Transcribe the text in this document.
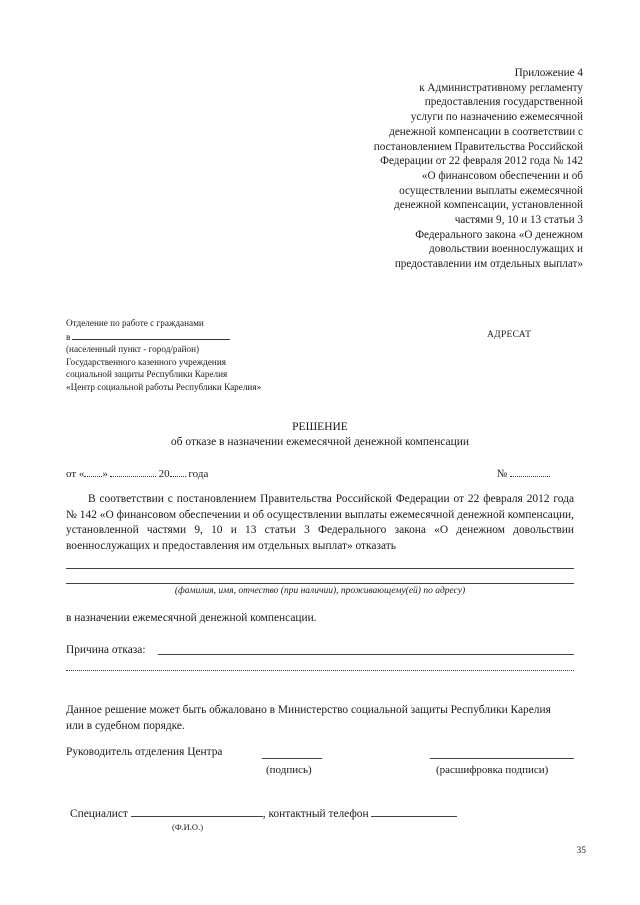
Приложение 4
к Административному регламенту
предоставления государственной
услуги по назначению ежемесячной
денежной компенсации в соответствии с
постановлением Правительства Российской
Федерации от 22 февраля 2012 года № 142
«О финансовом обеспечении и об
осуществлении выплаты ежемесячной
денежной компенсации, установленной
частями 9, 10 и 13 статьи 3
Федерального закона «О денежном
довольствии военнослужащих и
предоставлении им отдельных выплат»
Отделение по работе с гражданами
в
(населенный пункт - город/район)
Государственного казенного учреждения
социальной защиты Республики Карелия
«Центр социальной работы Республики Карелия»
АДРЕСАТ
РЕШЕНИЕ
об отказе в назначении ежемесячной денежной компенсации
от « »	20 года	№
В соответствии с постановлением Правительства Российской Федерации от 22 февраля 2012 года № 142 «О финансовом обеспечении и об осуществлении выплаты ежемесячной денежной компенсации, установленной частями 9, 10 и 13 статьи 3 Федерального закона «О денежном довольствии военнослужащих и предоставления им отдельных выплат» отказать
(фамилия, имя, отчество (при наличии), проживающему(ей) по адресу)
в назначении ежемесячной денежной компенсации.
Причина отказа:
Данное решение может быть обжаловано в Министерство социальной защиты Республики Карелия или в судебном порядке.
Руководитель отделения Центра
(подпись)	(расшифровка подписи)
Специалист	, контактный телефон
(Ф.И.О.)
35
